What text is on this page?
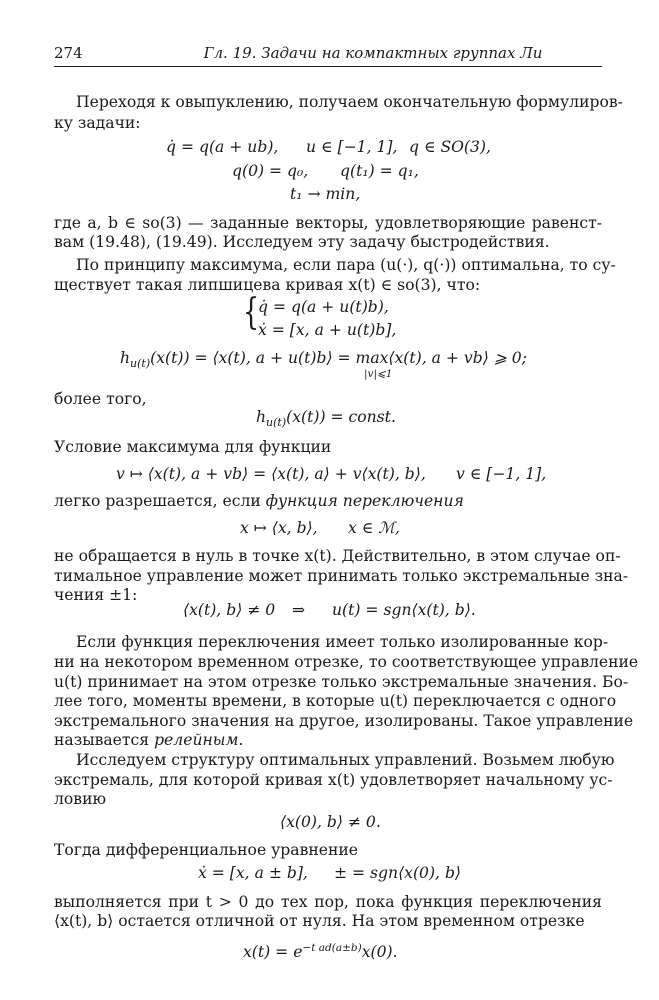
274	Гл. 19. Задачи на компактных группах Ли
Переходя к овыпуклению, получаем окончательную формулиров-
ку задачи:
q̇ = q(a + ub), u ∈ [−1, 1], q ∈ SO(3),
q(0) = q₀, q(t₁) = q₁,
t₁ → min,
где a, b ∈ so(3) — заданные векторы, удовлетворяющие равенст-
вам (19.48), (19.49). Исследуем эту задачу быстродействия.
По принципу максимума, если пара (u(·), q(·)) оптимальна, то су-
ществует такая липшицева кривая x(t) ∈ so(3), что:
{
q̇ = q(a + u(t)b),
ẋ = [x, a + u(t)b],
$h_{u(t)}(x(t))$ = ⟨x(t), a + u(t)b⟩ = max⟨x(t), a + vb⟩ ⩾ 0;
|v|⩽1
более того,
$h_{u(t)}(x(t))$ = const.
Условие максимума для функции
v ↦ ⟨x(t), a + vb⟩ = ⟨x(t), a⟩ + v⟨x(t), b⟩, v ∈ [−1, 1],
легко разрешается, если функция переключения
x ↦ ⟨x, b⟩, x ∈ ℳ,
не обращается в нуль в точке x(t). Действительно, в этом случае оп-
тимальное управление может принимать только экстремальные зна-
чения ±1:
⟨x(t), b⟩ ≠ 0 ⇒ u(t) = sgn⟨x(t), b⟩.
Если функция переключения имеет только изолированные кор-
ни на некотором временном отрезке, то соответствующее управление
u(t) принимает на этом отрезке только экстремальные значения. Бо-
лее того, моменты времени, в которые u(t) переключается с одного
экстремального значения на другое, изолированы. Такое управление
называется релейным.
Исследуем структуру оптимальных управлений. Возьмем любую
экстремаль, для которой кривая x(t) удовлетворяет начальному ус-
ловию
⟨x(0), b⟩ ≠ 0.
Тогда дифференциальное уравнение
ẋ = [x, a ± b], ± = sgn⟨x(0), b⟩
выполняется при t > 0 до тех пор, пока функция переключения
⟨x(t), b⟩ остается отличной от нуля. На этом временном отрезке
$x(t) = e^{-t ad(a\pm b)}x(0)$.
